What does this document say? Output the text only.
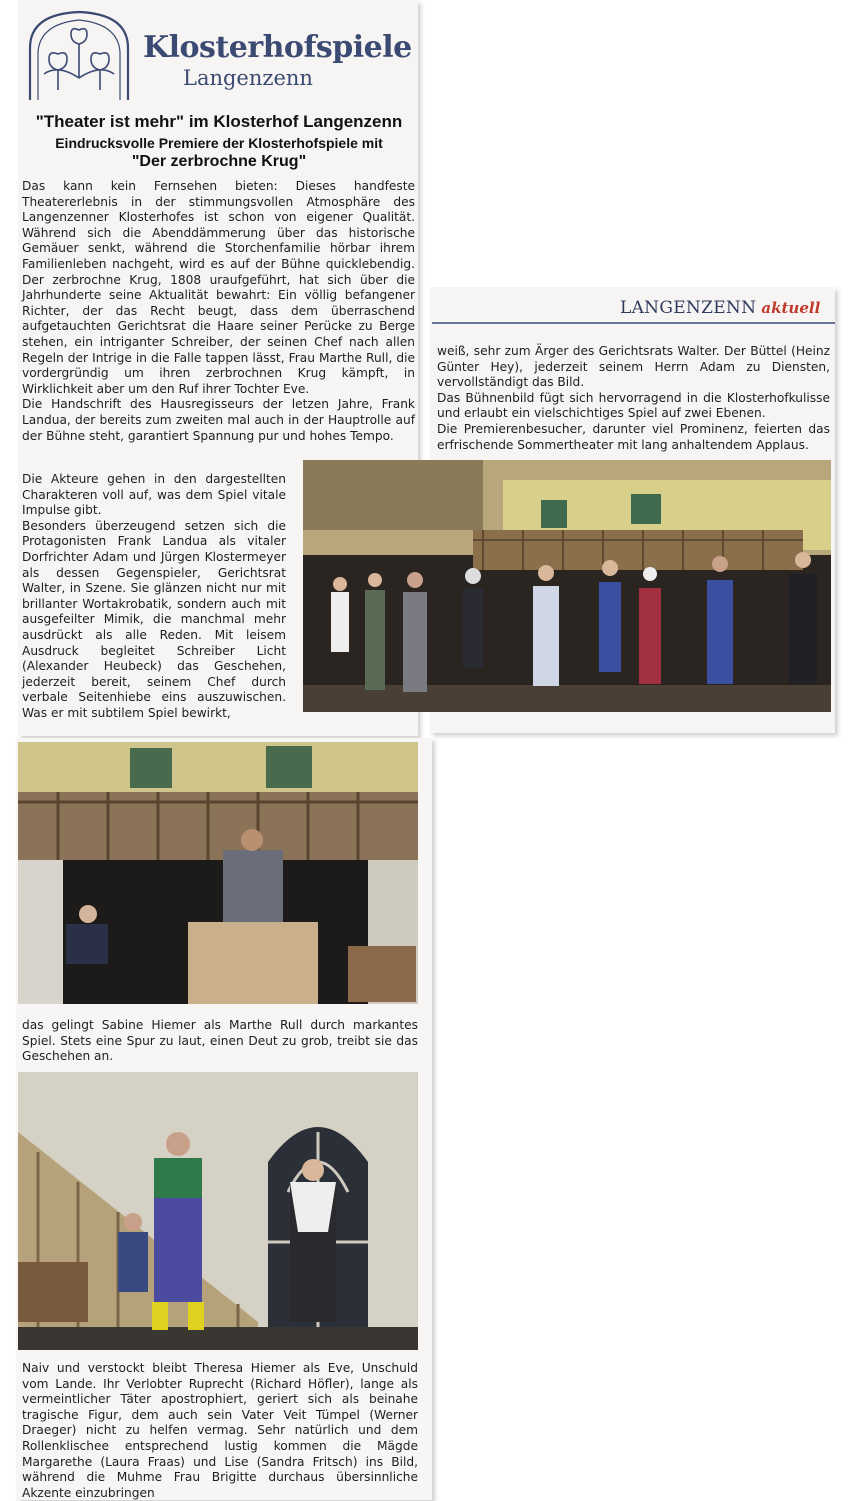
Klosterhofspiele
Langenzenn
"Theater ist mehr" im Klosterhof Langenzenn
Eindrucksvolle Premiere der Klosterhofspiele mit
"Der zerbrochne Krug"
LANGENZENN aktuell

Das kann kein Fernsehen bieten: Dieses handfeste Theatererlebnis in der stimmungsvollen Atmosphäre des Langenzenner Klosterhofes ist schon von eigener Qualität. Während sich die Abenddämmerung über das historische Gemäuer senkt, während die Storchenfamilie hörbar ihrem Familienleben nachgeht, wird es auf der Bühne quicklebendig. Der zerbrochne Krug, 1808 uraufgeführt, hat sich über die Jahrhunderte seine Aktualität bewahrt: Ein völlig befangener Richter, der das Recht beugt, dass dem überraschend aufgetauchten Gerichtsrat die Haare seiner Perücke zu Berge stehen, ein intriganter Schreiber, der seinen Chef nach allen Regeln der Intrige in die Falle tappen lässt, Frau Marthe Rull, die vordergründig um ihren zerbrochnen Krug kämpft, in Wirklichkeit aber um den Ruf ihrer Tochter Eve.

Die Handschrift des Hausregisseurs der letzen Jahre, Frank Landua, der bereits zum zweiten mal auch in der Hauptrolle auf der Bühne steht, garantiert Spannung pur und hohes Tempo.

Die Akteure gehen in den dargestellten Charakteren voll auf, was dem Spiel vitale Impulse gibt.

Besonders überzeugend setzen sich die Protagonisten Frank Landua als vitaler Dorfrichter Adam und Jürgen Klostermeyer als dessen Gegenspieler, Gerichtsrat Walter, in Szene. Sie glänzen nicht nur mit brillanter Wortakrobatik, sondern auch mit ausgefeilter Mimik, die manchmal mehr ausdrückt als alle Reden. Mit leisem Ausdruck begleitet Schreiber Licht (Alexander Heubeck) das Geschehen, jederzeit bereit, seinem Chef durch verbale Seitenhiebe eins auszuwischen. Was er mit subtilem Spiel bewirkt,

weiß, sehr zum Ärger des Gerichtsrats Walter. Der Büttel (Heinz Günter Hey), jederzeit seinem Herrn Adam zu Diensten, vervollständigt das Bild.

Das Bühnenbild fügt sich hervorragend in die Klosterhofkulisse und erlaubt ein vielschichtiges Spiel auf zwei Ebenen.

Die Premierenbesucher, darunter viel Prominenz, feierten das erfrischende Sommertheater mit lang anhaltendem Applaus.

das gelingt Sabine Hiemer als Marthe Rull durch markantes Spiel. Stets eine Spur zu laut, einen Deut zu grob, treibt sie das Geschehen an.

Naiv und verstockt bleibt Theresa Hiemer als Eve, Unschuld vom Lande. Ihr Verlobter Ruprecht (Richard Höfler), lange als vermeintlicher Täter apostrophiert, geriert sich als beinahe tragische Figur, dem auch sein Vater Veit Tümpel (Werner Draeger) nicht zu helfen vermag. Sehr natürlich und dem Rollenklischee entsprechend lustig kommen die Mägde Margarethe (Laura Fraas) und Lise (Sandra Fritsch) ins Bild, während die Muhme Frau Brigitte durchaus übersinnliche Akzente einzubringen
